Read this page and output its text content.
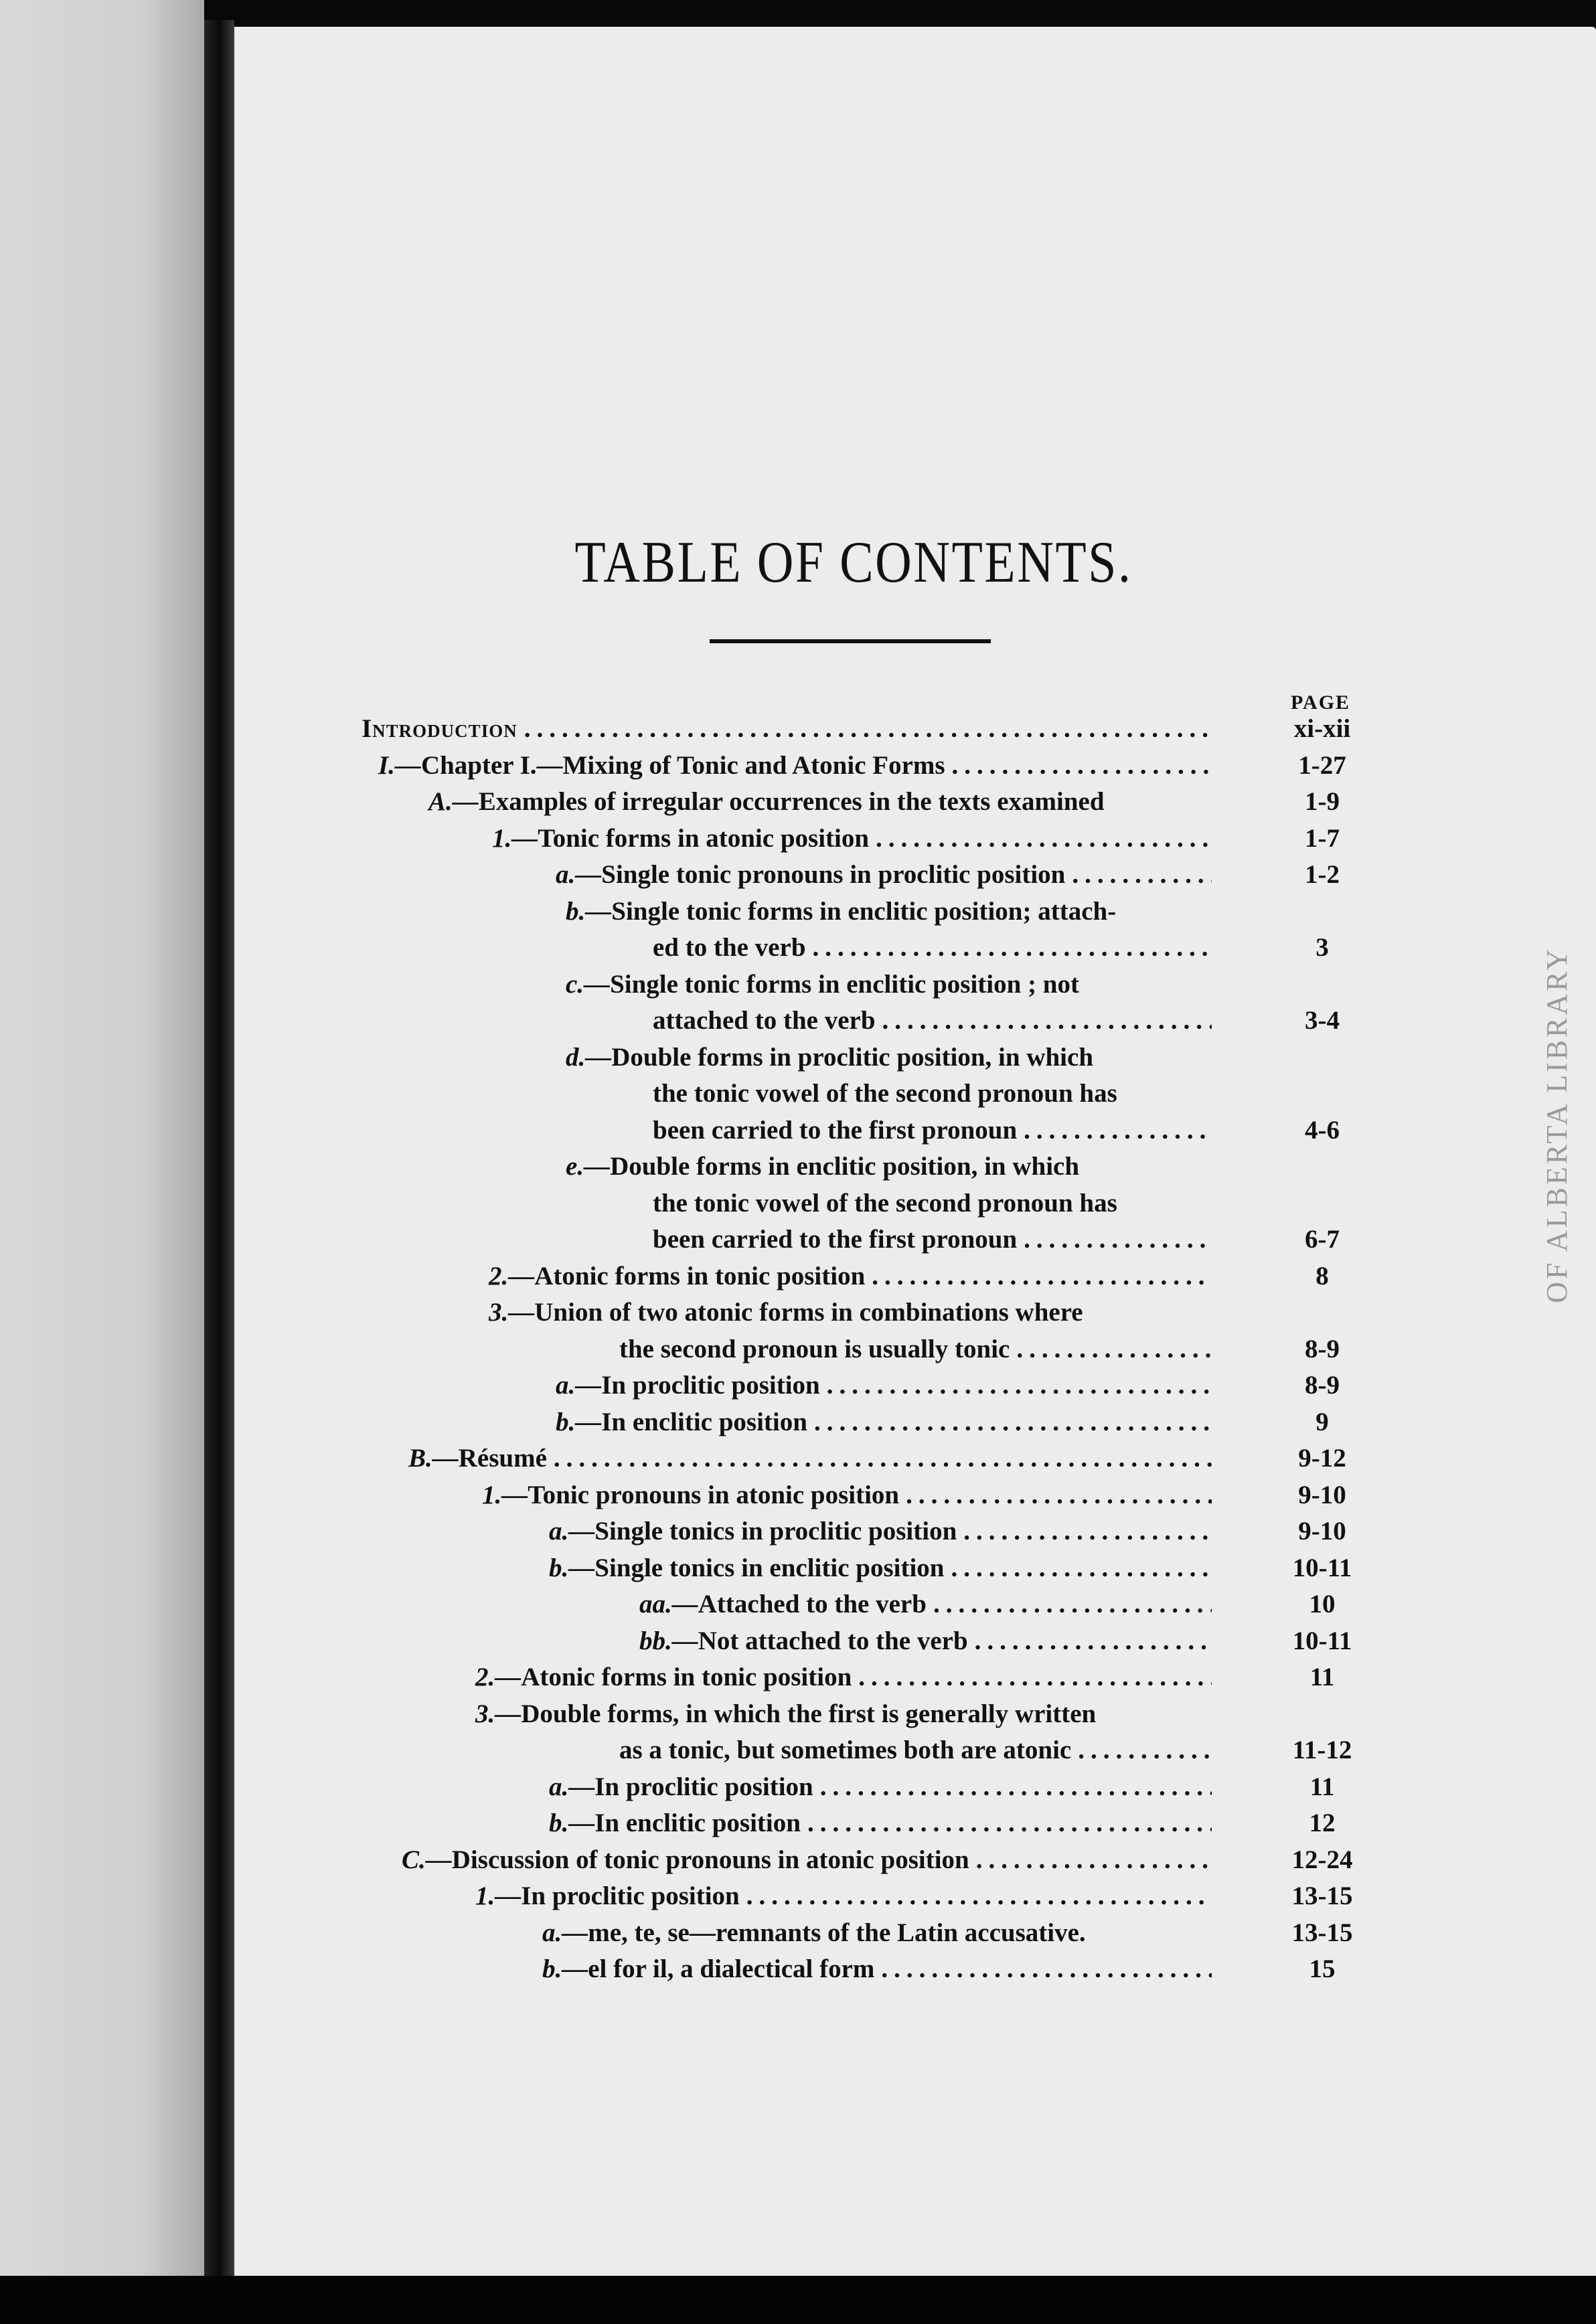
OF ALBERTA LIBRARY
TABLE OF CONTENTS.
PAGE
Introduction .....	xi-xii
I.—Chapter I.—Mixing of Tonic and Atonic Forms .....	1-27
A.—Examples of irregular occurrences in the texts examined	1-9
1.—Tonic forms in atonic position .....	1-7
a.—Single tonic pronouns in proclitic position .....	1-2
b.—Single tonic forms in enclitic position; attach-
ed to the verb .....	3
c.—Single tonic forms in enclitic position ; not
attached to the verb .....	3-4
d.—Double forms in proclitic position, in which
the tonic vowel of the second pronoun has
been carried to the first pronoun .....	4-6
e.—Double forms in enclitic position, in which
the tonic vowel of the second pronoun has
been carried to the first pronoun .....	6-7
2.—Atonic forms in tonic position .....	8
3.—Union of two atonic forms in combinations where
the second pronoun is usually tonic .....	8-9
a.—In proclitic position .....	8-9
b.—In enclitic position .....	9
B.—Résumé .....	9-12
1.—Tonic pronouns in atonic position .....	9-10
a.—Single tonics in proclitic position .....	9-10
b.—Single tonics in enclitic position .....	10-11
aa.—Attached to the verb .....	10
bb.—Not attached to the verb .....	10-11
2.—Atonic forms in tonic position .....	11
3.—Double forms, in which the first is generally written
as a tonic, but sometimes both are atonic .....	11-12
a.—In proclitic position .....	11
b.—In enclitic position .....	12
C.—Discussion of tonic pronouns in atonic position .....	12-24
1.—In proclitic position .....	13-15
a.—me, te, se—remnants of the Latin accusative.	13-15
b.—el for il, a dialectical form .....	15
